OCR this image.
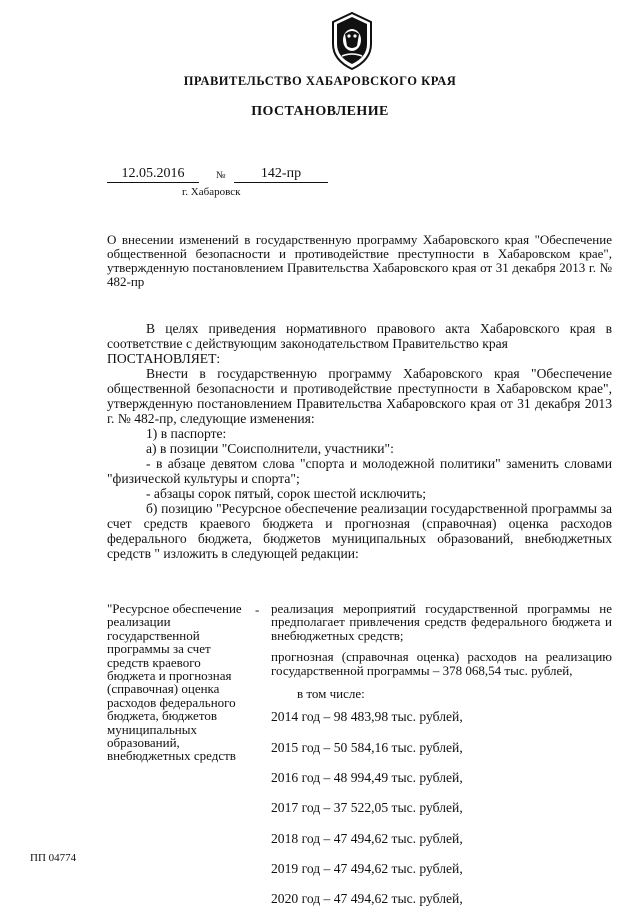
ПРАВИТЕЛЬСТВО ХАБАРОВСКОГО КРАЯ
ПОСТАНОВЛЕНИЕ
12.05.2016	№	142-пр
г. Хабаровск
О внесении изменений в государственную программу Хабаровского края "Обеспечение общественной безопасности и противодействие преступности в Хабаровском крае", утвержденную постановлением Правительства Хабаровского края от 31 декабря 2013 г. № 482-пр

В целях приведения нормативного правового акта Хабаровского края в соответствие с действующим законодательством Правительство края

ПОСТАНОВЛЯЕТ:

Внести в государственную программу Хабаровского края "Обеспечение общественной безопасности и противодействие преступности в Хабаровском крае", утвержденную постановлением Правительства Хабаровского края от 31 декабря 2013 г. № 482-пр, следующие изменения:

1) в паспорте:

а) в позиции "Соисполнители, участники":

- в абзаце девятом слова "спорта и молодежной политики" заменить словами "физической культуры и спорта";

- абзацы сорок пятый, сорок шестой исключить;

б) позицию "Ресурсное обеспечение реализации государственной программы за счет средств краевого бюджета и прогнозная (справочная) оценка расходов федерального бюджета, бюджетов муниципальных образований, внебюджетных средств " изложить в следующей редакции:

"Ресурсное обеспечение реализации государственной программы за счет средств краевого бюджета и прогнозная (справочная) оценка расходов федерального бюджета, бюджетов муниципальных образований, внебюджетных средств
- реализация мероприятий государственной программы не предполагает привлечения средств федерального бюджета и внебюджетных средств;

прогнозная (справочная оценка) расходов на реализацию государственной программы – 378 068,54 тыс. рублей,

в том числе:

2014 год – 98 483,98 тыс. рублей,

2015 год – 50 584,16 тыс. рублей,

2016 год – 48 994,49 тыс. рублей,

2017 год – 37 522,05 тыс. рублей,

2018 год – 47 494,62 тыс. рублей,

2019 год – 47 494,62 тыс. рублей,

2020 год – 47 494,62 тыс. рублей,

ПП 04774
